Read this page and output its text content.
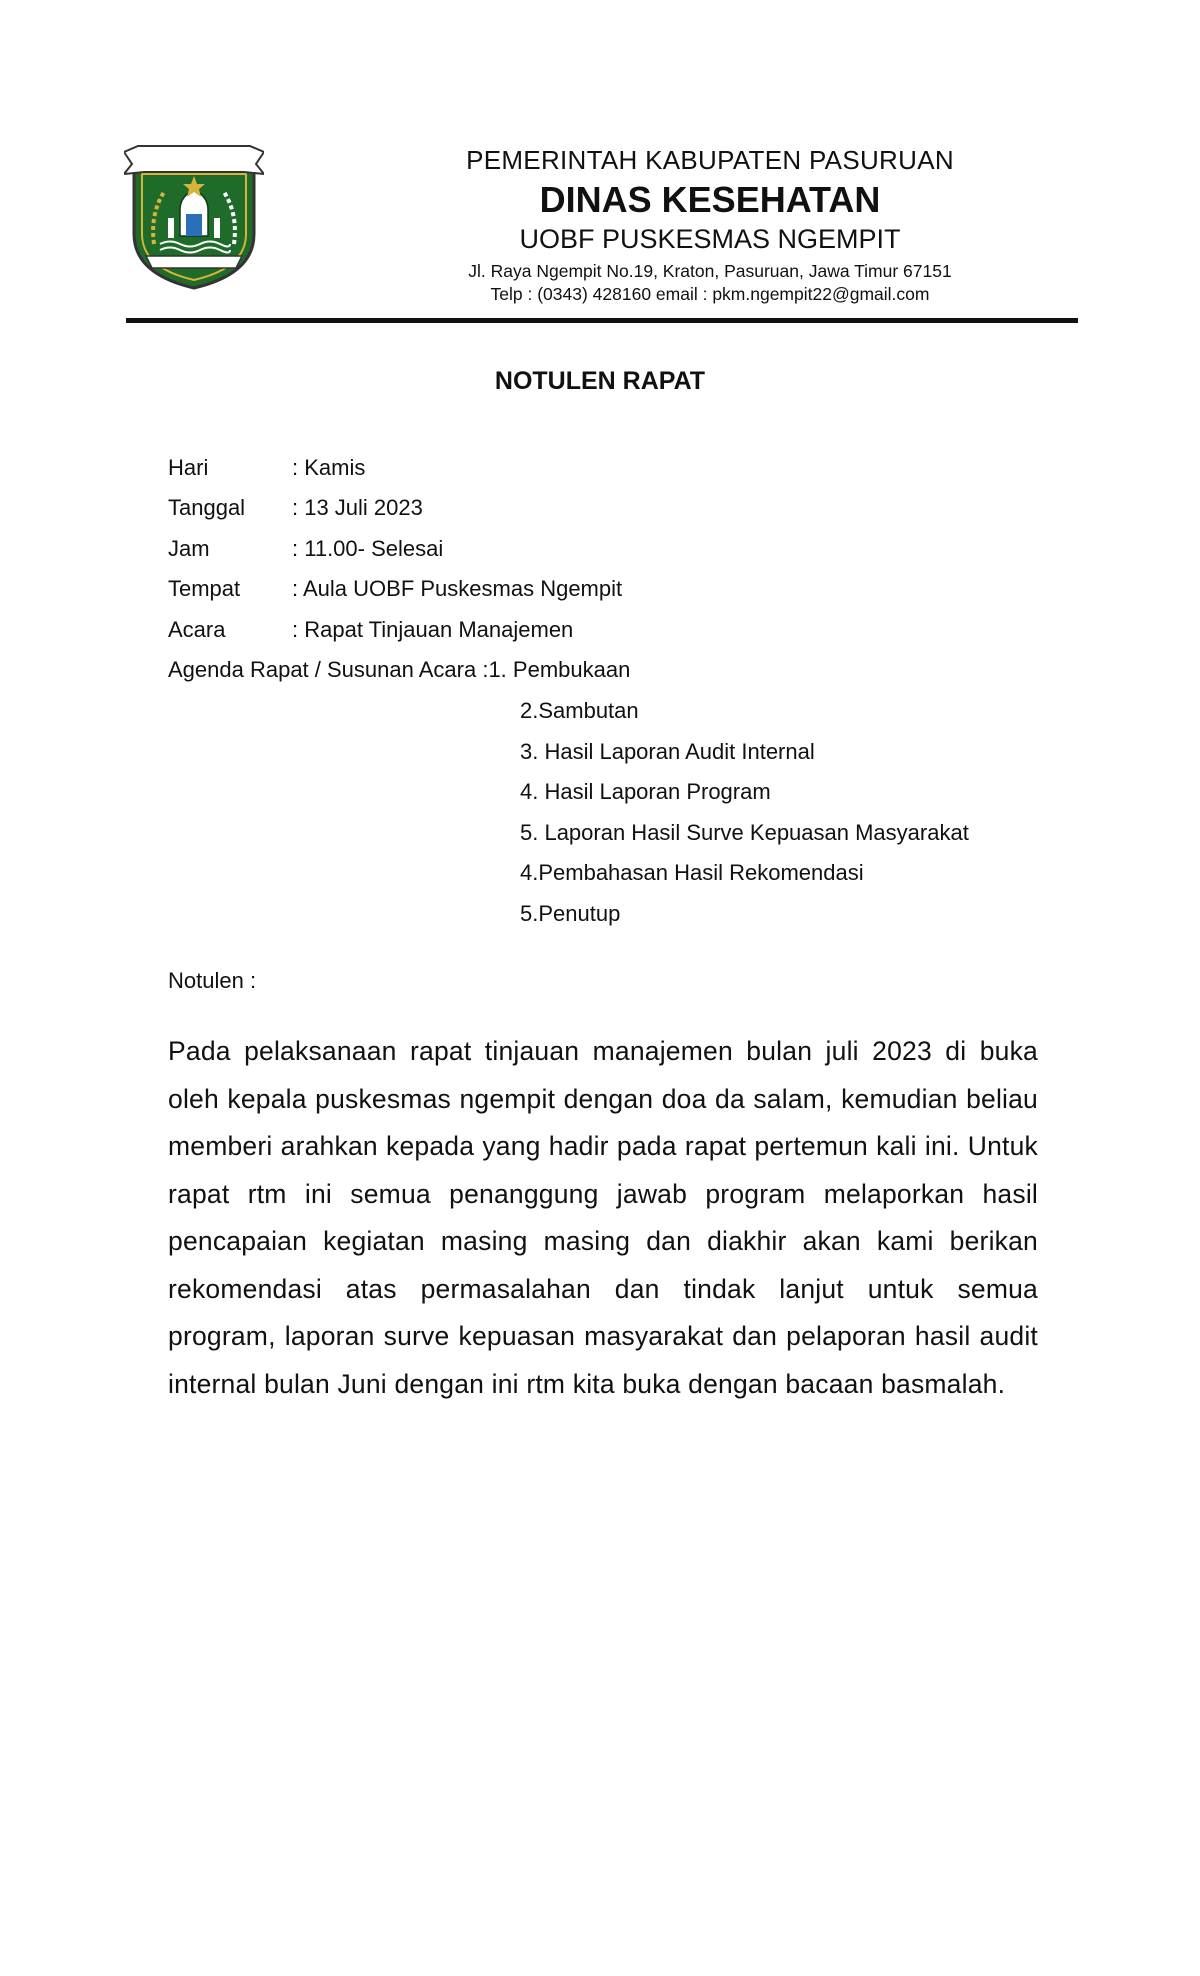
PEMERINTAH KABUPATEN PASURUAN
DINAS KESEHATAN
UOBF PUSKESMAS NGEMPIT
Jl. Raya Ngempit No.19, Kraton, Pasuruan, Jawa Timur 67151
Telp : (0343) 428160 email : pkm.ngempit22@gmail.com
NOTULEN RAPAT
Hari	: Kamis
Tanggal	: 13 Juli 2023
Jam	: 11.00- Selesai
Tempat	: Aula UOBF Puskesmas Ngempit
Acara	: Rapat Tinjauan Manajemen
Agenda Rapat / Susunan Acara :1. Pembukaan
2.Sambutan
3. Hasil Laporan Audit Internal
4. Hasil Laporan Program
5. Laporan Hasil Surve Kepuasan Masyarakat
4.Pembahasan Hasil Rekomendasi
5.Penutup
Notulen :
Pada pelaksanaan rapat tinjauan manajemen bulan juli 2023 di buka oleh kepala puskesmas ngempit dengan doa da salam, kemudian beliau memberi arahkan kepada yang hadir pada rapat pertemun kali ini. Untuk rapat rtm ini semua penanggung jawab program melaporkan hasil pencapaian kegiatan masing masing dan diakhir akan kami berikan rekomendasi atas permasalahan dan tindak lanjut untuk semua program, laporan surve kepuasan masyarakat dan pelaporan hasil audit internal bulan Juni dengan ini rtm kita buka dengan bacaan basmalah.
